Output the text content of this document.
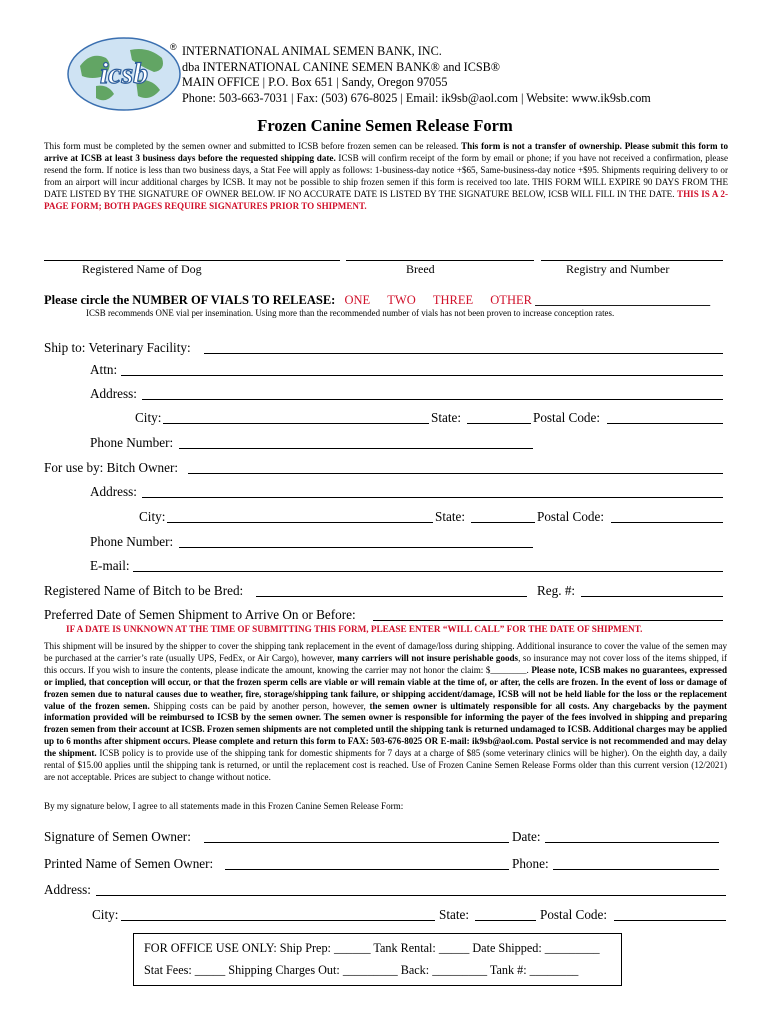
icsb
® INTERNATIONAL ANIMAL SEMEN BANK, INC.
dba INTERNATIONAL CANINE SEMEN BANK® and ICSB®
MAIN OFFICE | P.O. Box 651 | Sandy, Oregon 97055
Phone: 503-663-7031 | Fax: (503) 676-8025 | Email: ik9sb@aol.com | Website: www.ik9sb.com
Frozen Canine Semen Release Form
This form must be completed by the semen owner and submitted to ICSB before frozen semen can be released. This form is not a transfer of ownership. Please submit this form to arrive at ICSB at least 3 business days before the requested shipping date. ICSB will confirm receipt of the form by email or phone; if you have not received a confirmation, please resend the form. If notice is less than two business days, a Stat Fee will apply as follows: 1-business-day notice +$65, Same-business-day notice +$95. Shipments requiring delivery to or from an airport will incur additional charges by ICSB. It may not be possible to ship frozen semen if this form is received too late. THIS FORM WILL EXPIRE 90 DAYS FROM THE DATE LISTED BY THE SIGNATURE OF OWNER BELOW. IF NO ACCURATE DATE IS LISTED BY THE SIGNATURE BELOW, ICSB WILL FILL IN THE DATE. THIS IS A 2-PAGE FORM; BOTH PAGES REQUIRE SIGNATURES PRIOR TO SHIPMENT.
Registered Name of Dog	Breed	Registry and Number
Please circle the NUMBER OF VIALS TO RELEASE: ONE TWO THREE OTHER ____________________________
ICSB recommends ONE vial per insemination. Using more than the recommended number of vials has not been proven to increase conception rates.
Ship to: Veterinary Facility:
Attn:
Address:
City:	State:	Postal Code:
Phone Number:
For use by: Bitch Owner:
Address:
City:	State:	Postal Code:
Phone Number:
E-mail:
Registered Name of Bitch to be Bred:	Reg. #:
Preferred Date of Semen Shipment to Arrive On or Before:
IF A DATE IS UNKNOWN AT THE TIME OF SUBMITTING THIS FORM, PLEASE ENTER “WILL CALL” FOR THE DATE OF SHIPMENT.
This shipment will be insured by the shipper to cover the shipping tank replacement in the event of damage/loss during shipping. Additional insurance to cover the value of the semen may be purchased at the carrier’s rate (usually UPS, FedEx, or Air Cargo), however, many carriers will not insure perishable goods, so insurance may not cover loss of the items shipped, if this occurs. If you wish to insure the contents, please indicate the amount, knowing the carrier may not honor the claim: $________. Please note, ICSB makes no guarantees, expressed or implied, that conception will occur, or that the frozen sperm cells are viable or will remain viable at the time of, or after, the cells are frozen. In the event of loss or damage of frozen semen due to natural causes due to weather, fire, storage/shipping tank failure, or shipping accident/damage, ICSB will not be held liable for the loss or the replacement value of the frozen semen. Shipping costs can be paid by another person, however, the semen owner is ultimately responsible for all costs. Any chargebacks by the payment information provided will be reimbursed to ICSB by the semen owner. The semen owner is responsible for informing the payer of the fees involved in shipping and preparing frozen semen from their account at ICSB. Frozen semen shipments are not completed until the shipping tank is returned undamaged to ICSB. Additional charges may be applied up to 6 months after shipment occurs. Please complete and return this form to FAX: 503-676-8025 OR E-mail: ik9sb@aol.com. Postal service is not recommended and may delay the shipment. ICSB policy is to provide use of the shipping tank for domestic shipments for 7 days at a charge of $85 (some veterinary clinics will be higher). On the eighth day, a daily rental of $15.00 applies until the shipping tank is returned, or until the replacement cost is reached. Use of Frozen Canine Semen Release Forms older than this current version (12/2021) are not acceptable. Prices are subject to change without notice.
By my signature below, I agree to all statements made in this Frozen Canine Semen Release Form:
Signature of Semen Owner:	Date:
Printed Name of Semen Owner:	Phone:
Address:
City:	State:	Postal Code:
FOR OFFICE USE ONLY: Ship Prep: ______ Tank Rental: _____ Date Shipped: _________
Stat Fees: _____ Shipping Charges Out: _________ Back: _________ Tank #: ________
